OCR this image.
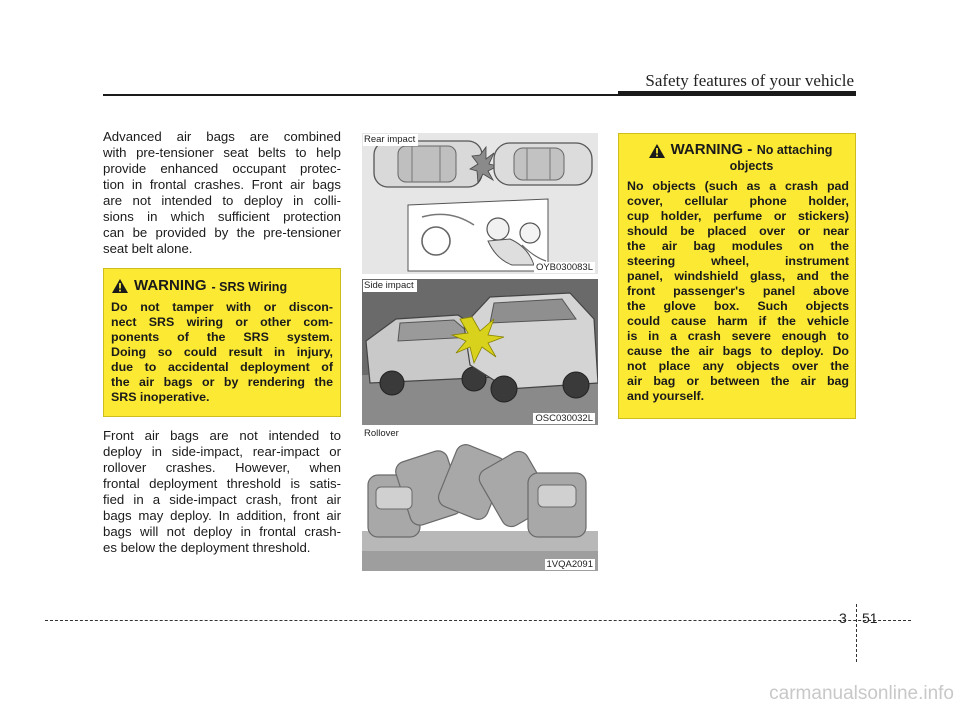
Safety features of your vehicle
Advanced air bags are combined
with pre-tensioner seat belts to help
provide enhanced occupant protec-
tion in frontal crashes. Front air bags
are not intended to deploy in colli-
sions in which sufficient protection
can be provided by the pre-tensioner
seat belt alone.
WARNING - SRS Wiring
Do not tamper with or discon-
nect SRS wiring or other com-
ponents of the SRS system.
Doing so could result in injury,
due to accidental deployment of
the air bags or by rendering the
SRS inoperative.
Front air bags are not intended to
deploy in side-impact, rear-impact or
rollover crashes. However, when
frontal deployment threshold is satis-
fied in a side-impact crash, front air
bags may deploy. In addition, front air
bags will not deploy in frontal crash-
es below the deployment threshold.
Rear impact
OYB030083L
Side impact
OSC030032L
Rollover
1VQA2091
WARNING - No attaching
objects
No objects (such as a crash pad
cover, cellular phone holder,
cup holder, perfume or stickers)
should be placed over or near
the air bag modules on the
steering wheel, instrument
panel, windshield glass, and the
front passenger's panel above
the glove box. Such objects
could cause harm if the vehicle
is in a crash severe enough to
cause the air bags to deploy. Do
not place any objects over the
air bag or between the air bag
and yourself.
3 51
carmanualsonline.info
